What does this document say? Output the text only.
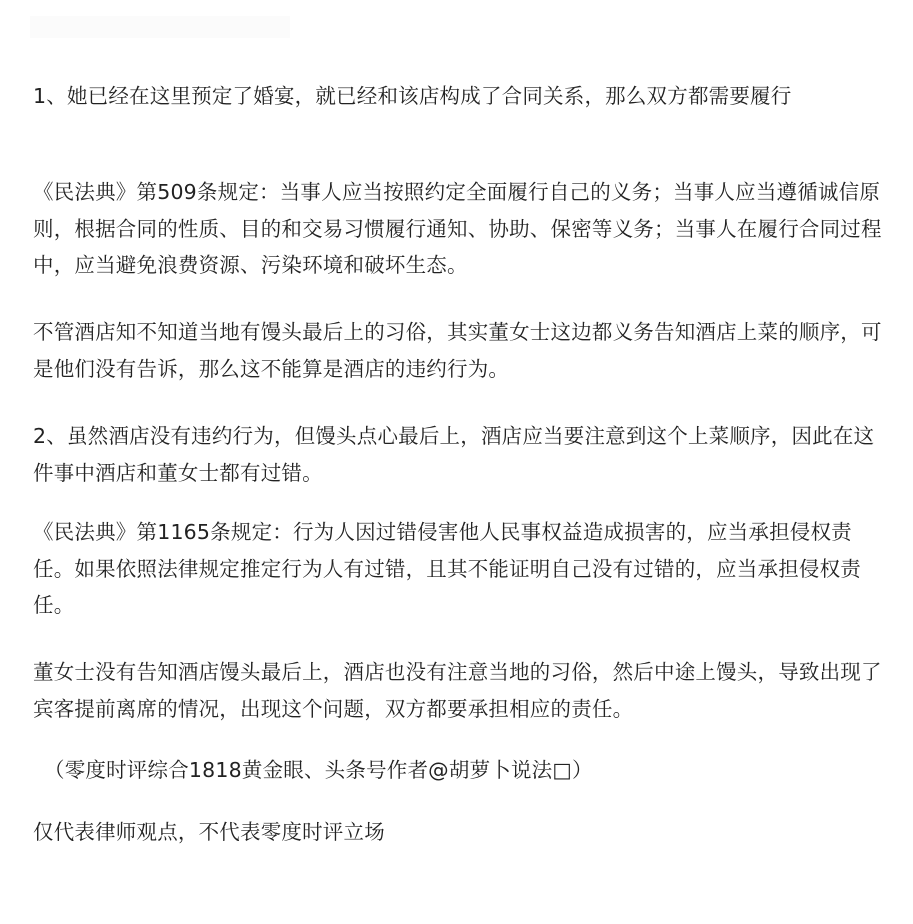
1、她已经在这里预定了婚宴，就已经和该店构成了合同关系，那么双方都需要履行

《民法典》第509条规定：当事人应当按照约定全面履行自己的义务；当事人应当遵循诚信原则，根据合同的性质、目的和交易习惯履行通知、协助、保密等义务；当事人在履行合同过程中，应当避免浪费资源、污染环境和破坏生态。

不管酒店知不知道当地有馒头最后上的习俗，其实董女士这边都义务告知酒店上菜的顺序，可是他们没有告诉，那么这不能算是酒店的违约行为。

2、虽然酒店没有违约行为，但馒头点心最后上，酒店应当要注意到这个上菜顺序，因此在这件事中酒店和董女士都有过错。

《民法典》第1165条规定：行为人因过错侵害他人民事权益造成损害的，应当承担侵权责任。如果依照法律规定推定行为人有过错，且其不能证明自己没有过错的，应当承担侵权责任。

董女士没有告知酒店馒头最后上，酒店也没有注意当地的习俗，然后中途上馒头，导致出现了宾客提前离席的情况，出现这个问题，双方都要承担相应的责任。

（零度时评综合1818黄金眼、头条号作者@胡萝卜说法□）

仅代表律师观点，不代表零度时评立场
